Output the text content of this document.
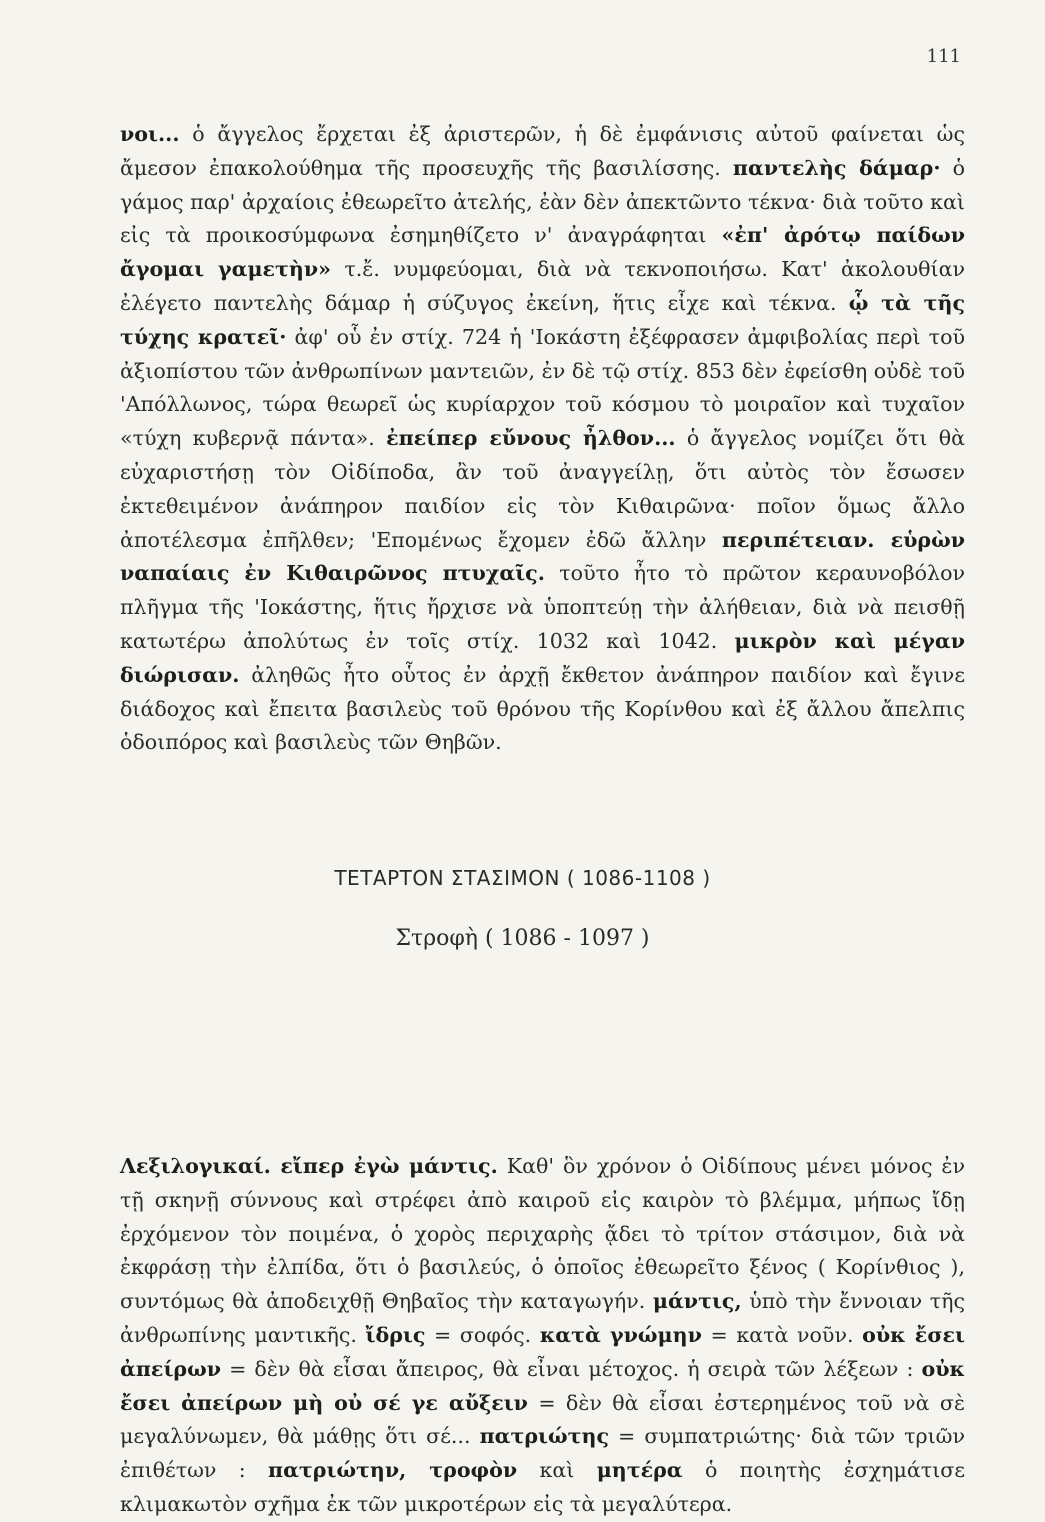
111

νοι... ὁ ἄγγελος ἔρχεται ἐξ ἀριστερῶν, ἡ δὲ ἐμφάνισις αὐτοῦ φαίνεται ὡς ἄμεσον ἐπακολούθημα τῆς προσευχῆς τῆς βασιλίσσης. παντελὴς δάμαρ· ὁ γάμος παρ' ἀρχαίοις ἐθεωρεῖτο ἀτελής, ἐὰν δὲν ἀπεκτῶντο τέκνα· διὰ τοῦτο καὶ εἰς τὰ προικοσύμφωνα ἐσημηθίζετο ν' ἀναγράφηται «ἐπ' ἀρότῳ παίδων ἄγομαι γαμετὴν» τ.ἔ. νυμφεύομαι, διὰ νὰ τεκνοποιήσω. Κατ' ἀκολουθίαν ἐλέγετο παντελὴς δάμαρ ἡ σύζυγος ἐκείνη, ἥτις εἶχε καὶ τέκνα. ᾧ τὰ τῆς τύχης κρατεῖ· ἀφ' οὗ ἐν στίχ. 724 ἡ 'Ιοκάστη ἐξέφρασεν ἀμφιβολίας περὶ τοῦ ἀξιοπίστου τῶν ἀνθρωπίνων μαντειῶν, ἐν δὲ τῷ στίχ. 853 δὲν ἐφείσθη οὐδὲ τοῦ 'Απόλλωνος, τώρα θεωρεῖ ὡς κυρίαρχον τοῦ κόσμου τὸ μοιραῖον καὶ τυχαῖον «τύχη κυβερνᾷ πάντα». ἐπείπερ εὔνους ἦλθον... ὁ ἄγγελος νομίζει ὅτι θὰ εὐχαριστήσῃ τὸν Οἰδίποδα, ἂν τοῦ ἀναγγείλῃ, ὅτι αὐτὸς τὸν ἔσωσεν ἐκτεθειμένον ἀνάπηρον παιδίον εἰς τὸν Κιθαιρῶνα· ποῖον ὅμως ἄλλο ἀποτέλεσμα ἐπῆλθεν; 'Επομένως ἔχομεν ἐδῶ ἄλλην περιπέτειαν. εὑρὼν ναπαίαις ἐν Κιθαιρῶνος πτυχαῖς. τοῦτο ἦτο τὸ πρῶτον κεραυνοβόλον πλῆγμα τῆς 'Ιοκάστης, ἥτις ἤρχισε νὰ ὑποπτεύῃ τὴν ἀλήθειαν, διὰ νὰ πεισθῇ κατωτέρω ἀπολύτως ἐν τοῖς στίχ. 1032 καὶ 1042. μικρὸν καὶ μέγαν διώρισαν. ἀληθῶς ἦτο οὗτος ἐν ἀρχῇ ἔκθετον ἀνάπηρον παιδίον καὶ ἔγινε διάδοχος καὶ ἔπειτα βασιλεὺς τοῦ θρόνου τῆς Κορίνθου καὶ ἐξ ἄλλου ἄπελπις ὁδοιπόρος καὶ βασιλεὺς τῶν Θηβῶν.

ΤΕΤΑΡΤΟΝ ΣΤΑΣΙΜΟΝ ( 1086-1108 )
Στροφὴ ( 1086 - 1097 )

Λεξιλογικαί. εἴπερ ἐγὼ μάντις. Καθ' ὃν χρόνον ὁ Οἰδίπους μένει μόνος ἐν τῇ σκηνῇ σύννους καὶ στρέφει ἀπὸ καιροῦ εἰς καιρὸν τὸ βλέμμα, μήπως ἴδῃ ἐρχόμενον τὸν ποιμένα, ὁ χορὸς περιχαρὴς ᾄδει τὸ τρίτον στάσιμον, διὰ νὰ ἐκφράσῃ τὴν ἐλπίδα, ὅτι ὁ βασιλεύς, ὁ ὁποῖος ἐθεωρεῖτο ξένος ( Κορίνθιος ), συντόμως θὰ ἀποδειχθῇ Θηβαῖος τὴν καταγωγήν. μάντις, ὑπὸ τὴν ἔννοιαν τῆς ἀνθρωπίνης μαντικῆς. ἴδρις = σοφός. κατὰ γνώμην = κατὰ νοῦν. οὐκ ἔσει ἀπείρων = δὲν θὰ εἶσαι ἄπειρος, θὰ εἶναι μέτοχος. ἡ σειρὰ τῶν λέξεων : οὐκ ἔσει ἀπείρων μὴ οὐ σέ γε αὔξειν = δὲν θὰ εἶσαι ἐστερημένος τοῦ νὰ σὲ μεγαλύνωμεν, θὰ μάθῃς ὅτι σέ... πατριώτης = συμπατριώτης· διὰ τῶν τριῶν ἐπιθέτων : πατριώτην, τροφὸν καὶ μητέρα ὁ ποιητὴς ἐσχημάτισε κλιμακωτὸν σχῆμα ἐκ τῶν μικροτέρων εἰς τὰ μεγαλύτερα.
